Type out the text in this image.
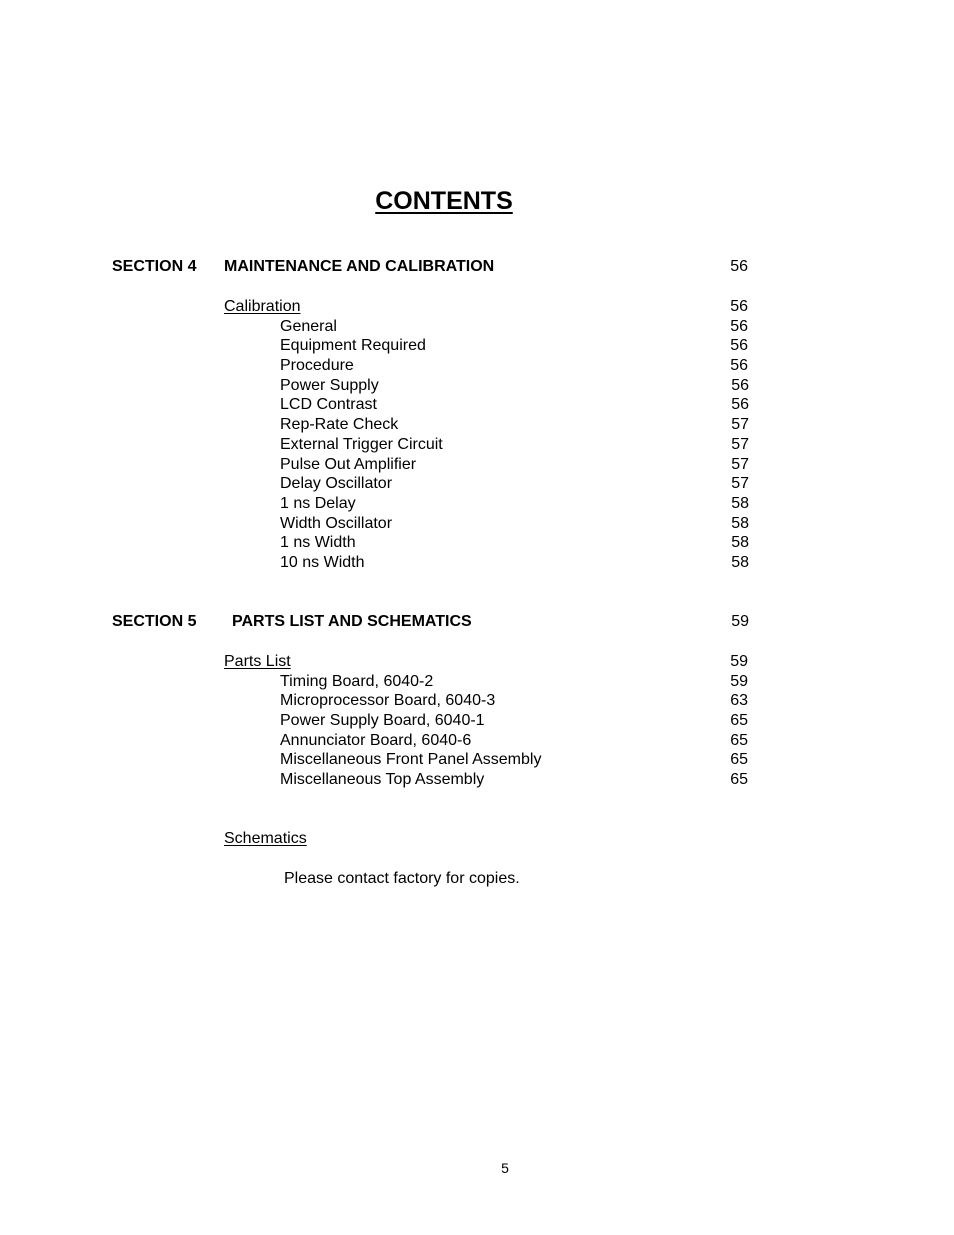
CONTENTS
SECTION 4 MAINTENANCE AND CALIBRATION	56
Calibration	56
General	56
Equipment Required	56
Procedure	56
Power Supply	56
LCD Contrast	56
Rep-Rate Check	57
External Trigger Circuit	57
Pulse Out Amplifier	57
Delay Oscillator	57
1 ns Delay	58
Width Oscillator	58
1 ns Width	58
10 ns Width	58
SECTION 5 PARTS LIST AND SCHEMATICS	59
Parts List	59
Timing Board, 6040-2	59
Microprocessor Board, 6040-3	63
Power Supply Board, 6040-1	65
Annunciator Board, 6040-6	65
Miscellaneous Front Panel Assembly	65
Miscellaneous Top Assembly	65
Schematics
Please contact factory for copies.
5
